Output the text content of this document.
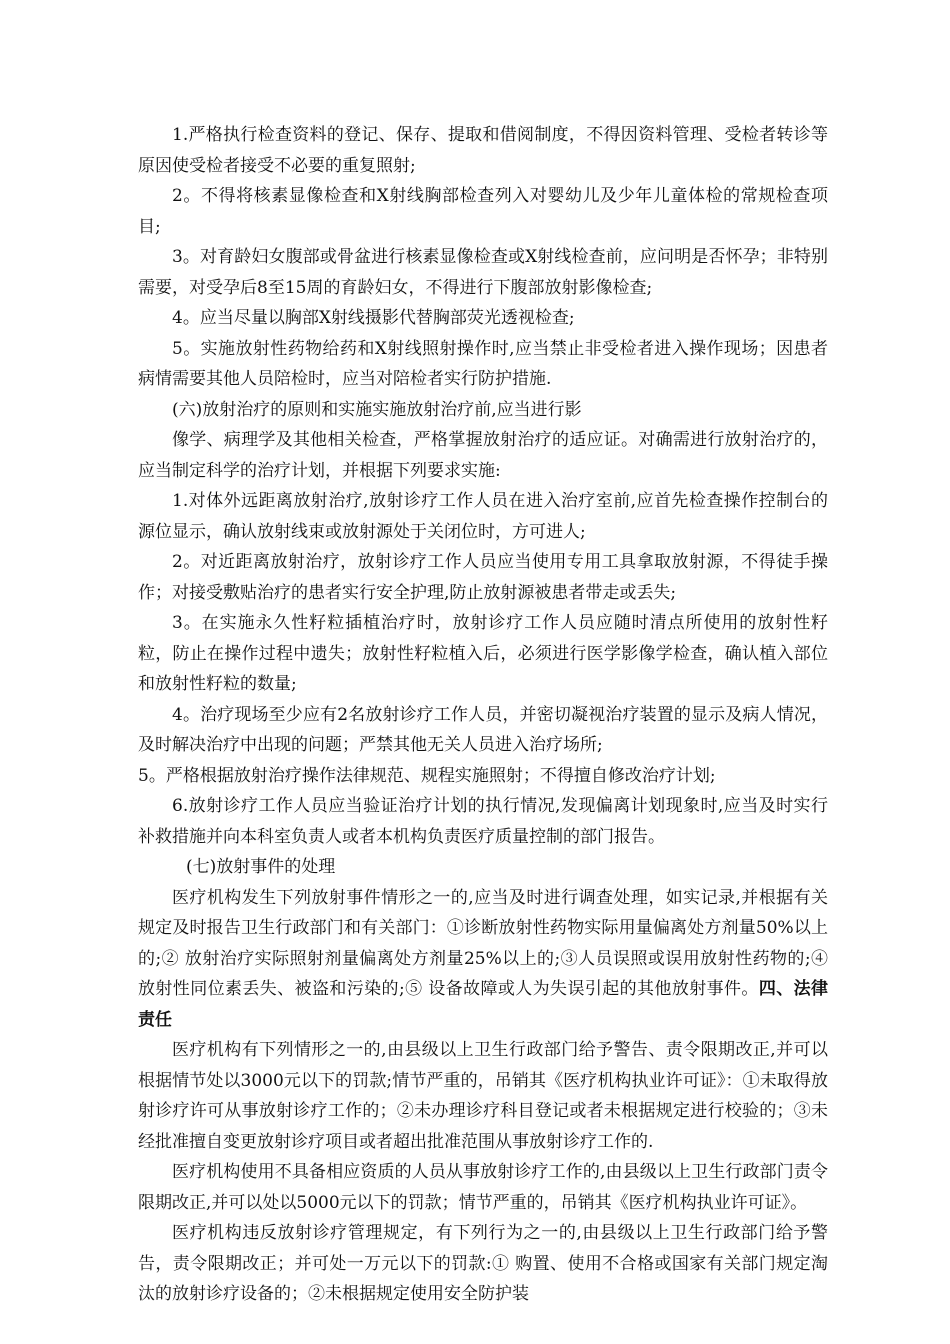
1.严格执行检查资料的登记、保存、提取和借阅制度，不得因资料管理、受检者转诊等原因使受检者接受不必要的重复照射;

2。不得将核素显像检查和X射线胸部检查列入对婴幼儿及少年儿童体检的常规检查项目;

3。对育龄妇女腹部或骨盆进行核素显像检查或X射线检查前，应问明是否怀孕；非特别需要，对受孕后8至15周的育龄妇女，不得进行下腹部放射影像检查;

4。应当尽量以胸部X射线摄影代替胸部荧光透视检查;

5。实施放射性药物给药和X射线照射操作时,应当禁止非受检者进入操作现场；因患者病情需要其他人员陪检时，应当对陪检者实行防护措施.

(六)放射治疗的原则和实施实施放射治疗前,应当进行影

像学、病理学及其他相关检查，严格掌握放射治疗的适应证。对确需进行放射治疗的，应当制定科学的治疗计划，并根据下列要求实施:

1.对体外远距离放射治疗,放射诊疗工作人员在进入治疗室前,应首先检查操作控制台的源位显示，确认放射线束或放射源处于关闭位时，方可进人;

2。对近距离放射治疗，放射诊疗工作人员应当使用专用工具拿取放射源，不得徒手操作；对接受敷贴治疗的患者实行安全护理,防止放射源被患者带走或丢失;

3。在实施永久性籽粒插植治疗时，放射诊疗工作人员应随时清点所使用的放射性籽粒，防止在操作过程中遗失；放射性籽粒植入后，必须进行医学影像学检查，确认植入部位和放射性籽粒的数量;

4。治疗现场至少应有2名放射诊疗工作人员，并密切凝视治疗装置的显示及病人情况，及时解决治疗中出现的问题；严禁其他无关人员进入治疗场所;

5。严格根据放射治疗操作法律规范、规程实施照射；不得擅自修改治疗计划;

6.放射诊疗工作人员应当验证治疗计划的执行情况,发现偏离计划现象时,应当及时实行补救措施并向本科室负责人或者本机构负责医疗质量控制的部门报告。

(七)放射事件的处理

医疗机构发生下列放射事件情形之一的,应当及时进行调查处理，如实记录,并根据有关规定及时报告卫生行政部门和有关部门：①诊断放射性药物实际用量偏离处方剂量50%以上的;② 放射治疗实际照射剂量偏离处方剂量25%以上的;③人员误照或误用放射性药物的;④ 放射性同位素丢失、被盗和污染的;⑤ 设备故障或人为失误引起的其他放射事件。四、法律责任

医疗机构有下列情形之一的,由县级以上卫生行政部门给予警告、责令限期改正,并可以根据情节处以3000元以下的罚款;情节严重的，吊销其《医疗机构执业许可证》：①未取得放射诊疗许可从事放射诊疗工作的；②未办理诊疗科目登记或者未根据规定进行校验的；③未经批准擅自变更放射诊疗项目或者超出批准范围从事放射诊疗工作的.

医疗机构使用不具备相应资质的人员从事放射诊疗工作的,由县级以上卫生行政部门责令限期改正,并可以处以5000元以下的罚款；情节严重的，吊销其《医疗机构执业许可证》。

医疗机构违反放射诊疗管理规定，有下列行为之一的,由县级以上卫生行政部门给予警告，责令限期改正；并可处一万元以下的罚款:① 购置、使用不合格或国家有关部门规定淘汰的放射诊疗设备的；②未根据规定使用安全防护装
